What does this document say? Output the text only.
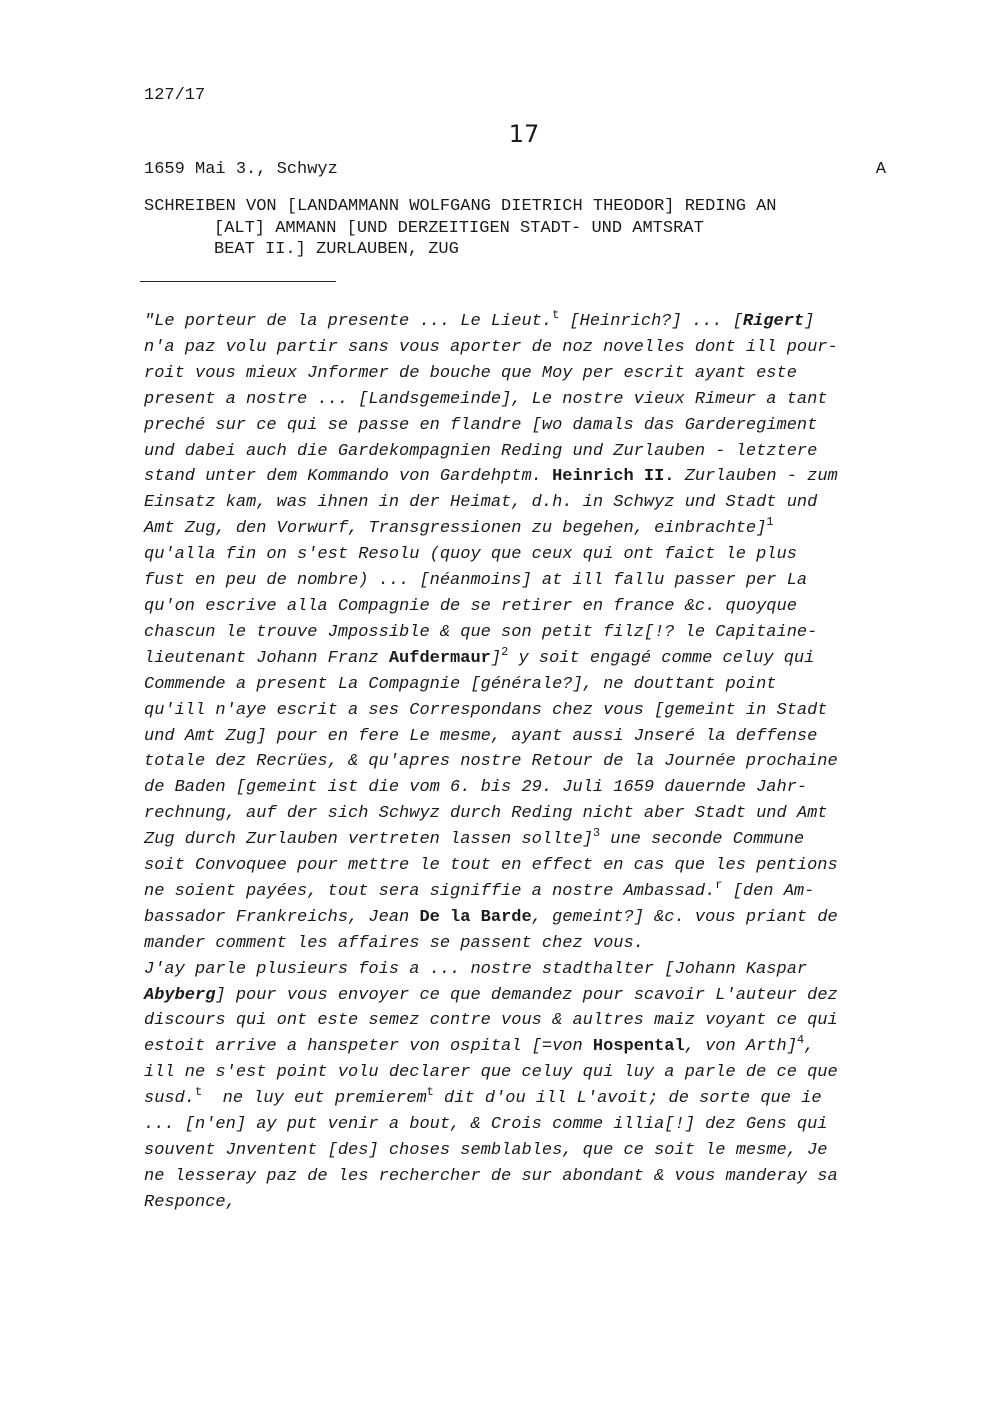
127/17
17
1659 Mai 3., Schwyz	A
SCHREIBEN VON [LANDAMMANN WOLFGANG DIETRICH THEODOR] REDING AN
[ALT] AMMANN [UND DERZEITIGEN STADT- UND AMTSRAT
BEAT II.] ZURLAUBEN, ZUG
"Le porteur de la presente ... Le Lieut.$^t$ [Heinrich?] ... [Rigert]
n'a paz volu partir sans vous aporter de noz novelles dont ill pour-
roit vous mieux Jnformer de bouche que Moy per escrit ayant este
present a nostre ... [Landsgemeinde], Le nostre vieux Rimeur a tant
preché sur ce qui se passe en flandre [wo damals das Garderegiment
und dabei auch die Gardekompagnien Reding und Zurlauben - letztere
stand unter dem Kommando von Gardehptm. Heinrich II. Zurlauben - zum
Einsatz kam, was ihnen in der Heimat, d.h. in Schwyz und Stadt und
Amt Zug, den Vorwurf, Transgressionen zu begehen, einbrachte]$^1$
qu'alla fin on s'est Resolu (quoy que ceux qui ont faict le plus
fust en peu de nombre) ... [néanmoins] at ill fallu passer per La
qu'on escrive alla Compagnie de se retirer en france &c. quoyque
chascun le trouve Jmpossible & que son petit filz[!? le Capitaine-
lieutenant Johann Franz Aufdermaur]$^2$ y soit engagé comme celuy qui
Commende a present La Compagnie [générale?], ne douttant point
qu'ill n'aye escrit a ses Correspondans chez vous [gemeint in Stadt
und Amt Zug] pour en fere Le mesme, ayant aussi Jnseré la deffense
totale dez Recrües, & qu'apres nostre Retour de la Journée prochaine
de Baden [gemeint ist die vom 6. bis 29. Juli 1659 dauernde Jahr-
rechnung, auf der sich Schwyz durch Reding nicht aber Stadt und Amt
Zug durch Zurlauben vertreten lassen sollte]$^3$ une seconde Commune
soit Convoquee pour mettre le tout en effect en cas que les pentions
ne soient payées, tout sera signiffie a nostre Ambassad.$^r$ [den Am-
bassador Frankreichs, Jean De la Barde, gemeint?] &c. vous priant de
mander comment les affaires se passent chez vous.
J'ay parle plusieurs fois a ... nostre stadthalter [Johann Kaspar
Abyberg] pour vous envoyer ce que demandez pour scavoir L'auteur dez
discours qui ont este semez contre vous & aultres maiz voyant ce qui
estoit arrive a hanspeter von ospital [=von Hospental, von Arth]$^4$,
ill ne s'est point volu declarer que celuy qui luy a parle de ce que
susd.$^t$  ne luy eut premierem$^t$ dit d'ou ill L'avoit; de sorte que ie
... [n'en] ay put venir a bout, & Crois comme illia[!] dez Gens qui
souvent Jnventent [des] choses semblables, que ce soit le mesme, Je
ne lesseray paz de les rechercher de sur abondant & vous manderay sa
Responce,
